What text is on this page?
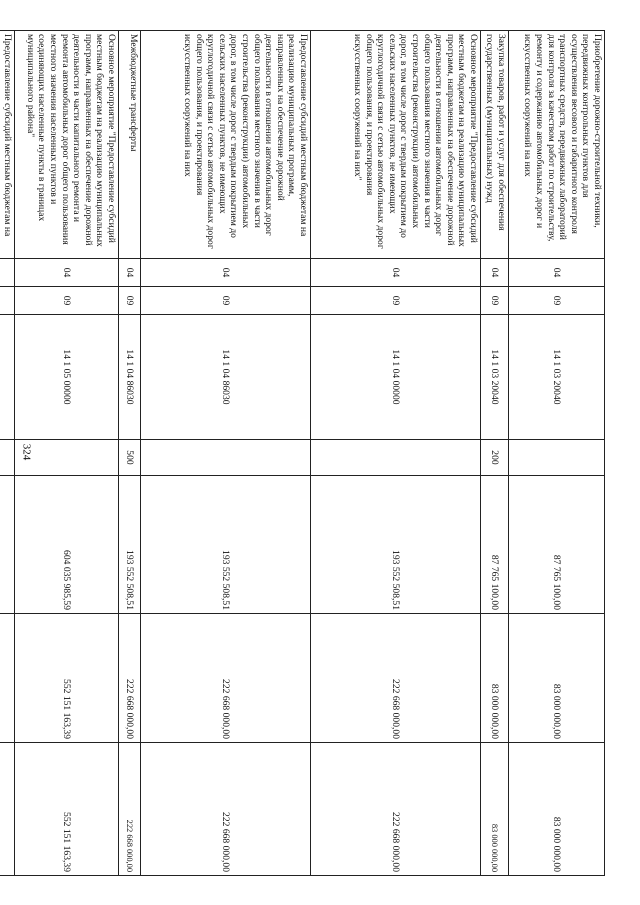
324
Приобретение дорожно-строительной техники, передвижных контрольных пунктов для осуществления весового и габаритного контроля транспортных средств, передвижных лабораторий для контроля за качеством работ по строительству, ремонту и содержанию автомобильных дорог и искусственных сооружений на них	04	09	14 1 03 20040		87 765 100,00	83 000 000,00	83 000 000,00
Закупка товаров, работ и услуг для обеспечения государственных (муниципальных) нужд	04	09	14 1 03 20040	200	87 765 100,00	83 000 000,00	83 000 000,00
Основное мероприятие "Предоставление субсидий местным бюджетам на реализацию муниципальных программ, направленных на обеспечение дорожной деятельности в отношении автомобильных дорог общего пользования местного значения в части строительства (реконструкции) автомобильных дорог, в том числе дорог с твердым покрытием до сельских населенных пунктов, не имеющих круглогодичной связи с сетью автомобильных дорог общего пользования, и проектирования искусственных сооружений на них"	04	09	14 1 04 00000		193 552 508,51	222 668 000,00	222 668 000,00
Предоставление субсидий местным бюджетам на реализацию муниципальных программ, направленных на обеспечение дорожной деятельности в отношении автомобильных дорог общего пользования местного значения в части строительства (реконструкции) автомобильных дорог, в том числе дорог с твердым покрытием до сельских населенных пунктов, не имеющих круглогодичной связи с сетью автомобильных дорог общего пользования, и проектирования искусственных сооружений на них	04	09	14 1 04 86030		193 552 508,51	222 668 000,00	222 668 000,00
Межбюджетные трансферты	04	09	14 1 04 86030	500	193 552 508,51	222 668 000,00	222 668 000,00
Основное мероприятие "Предоставление субсидий местным бюджетам на реализацию муниципальных программ, направленных на обеспечение дорожной деятельности в части капитального ремонта и ремонта автомобильных дорог общего пользования местного значения населенных пунктов и соединяющих населенные пункты в границах муниципального района"	04	09	14 1 05 00000		604 035 985,59	552 151 163,39	552 151 163,39
Предоставление субсидий местным бюджетам на							
